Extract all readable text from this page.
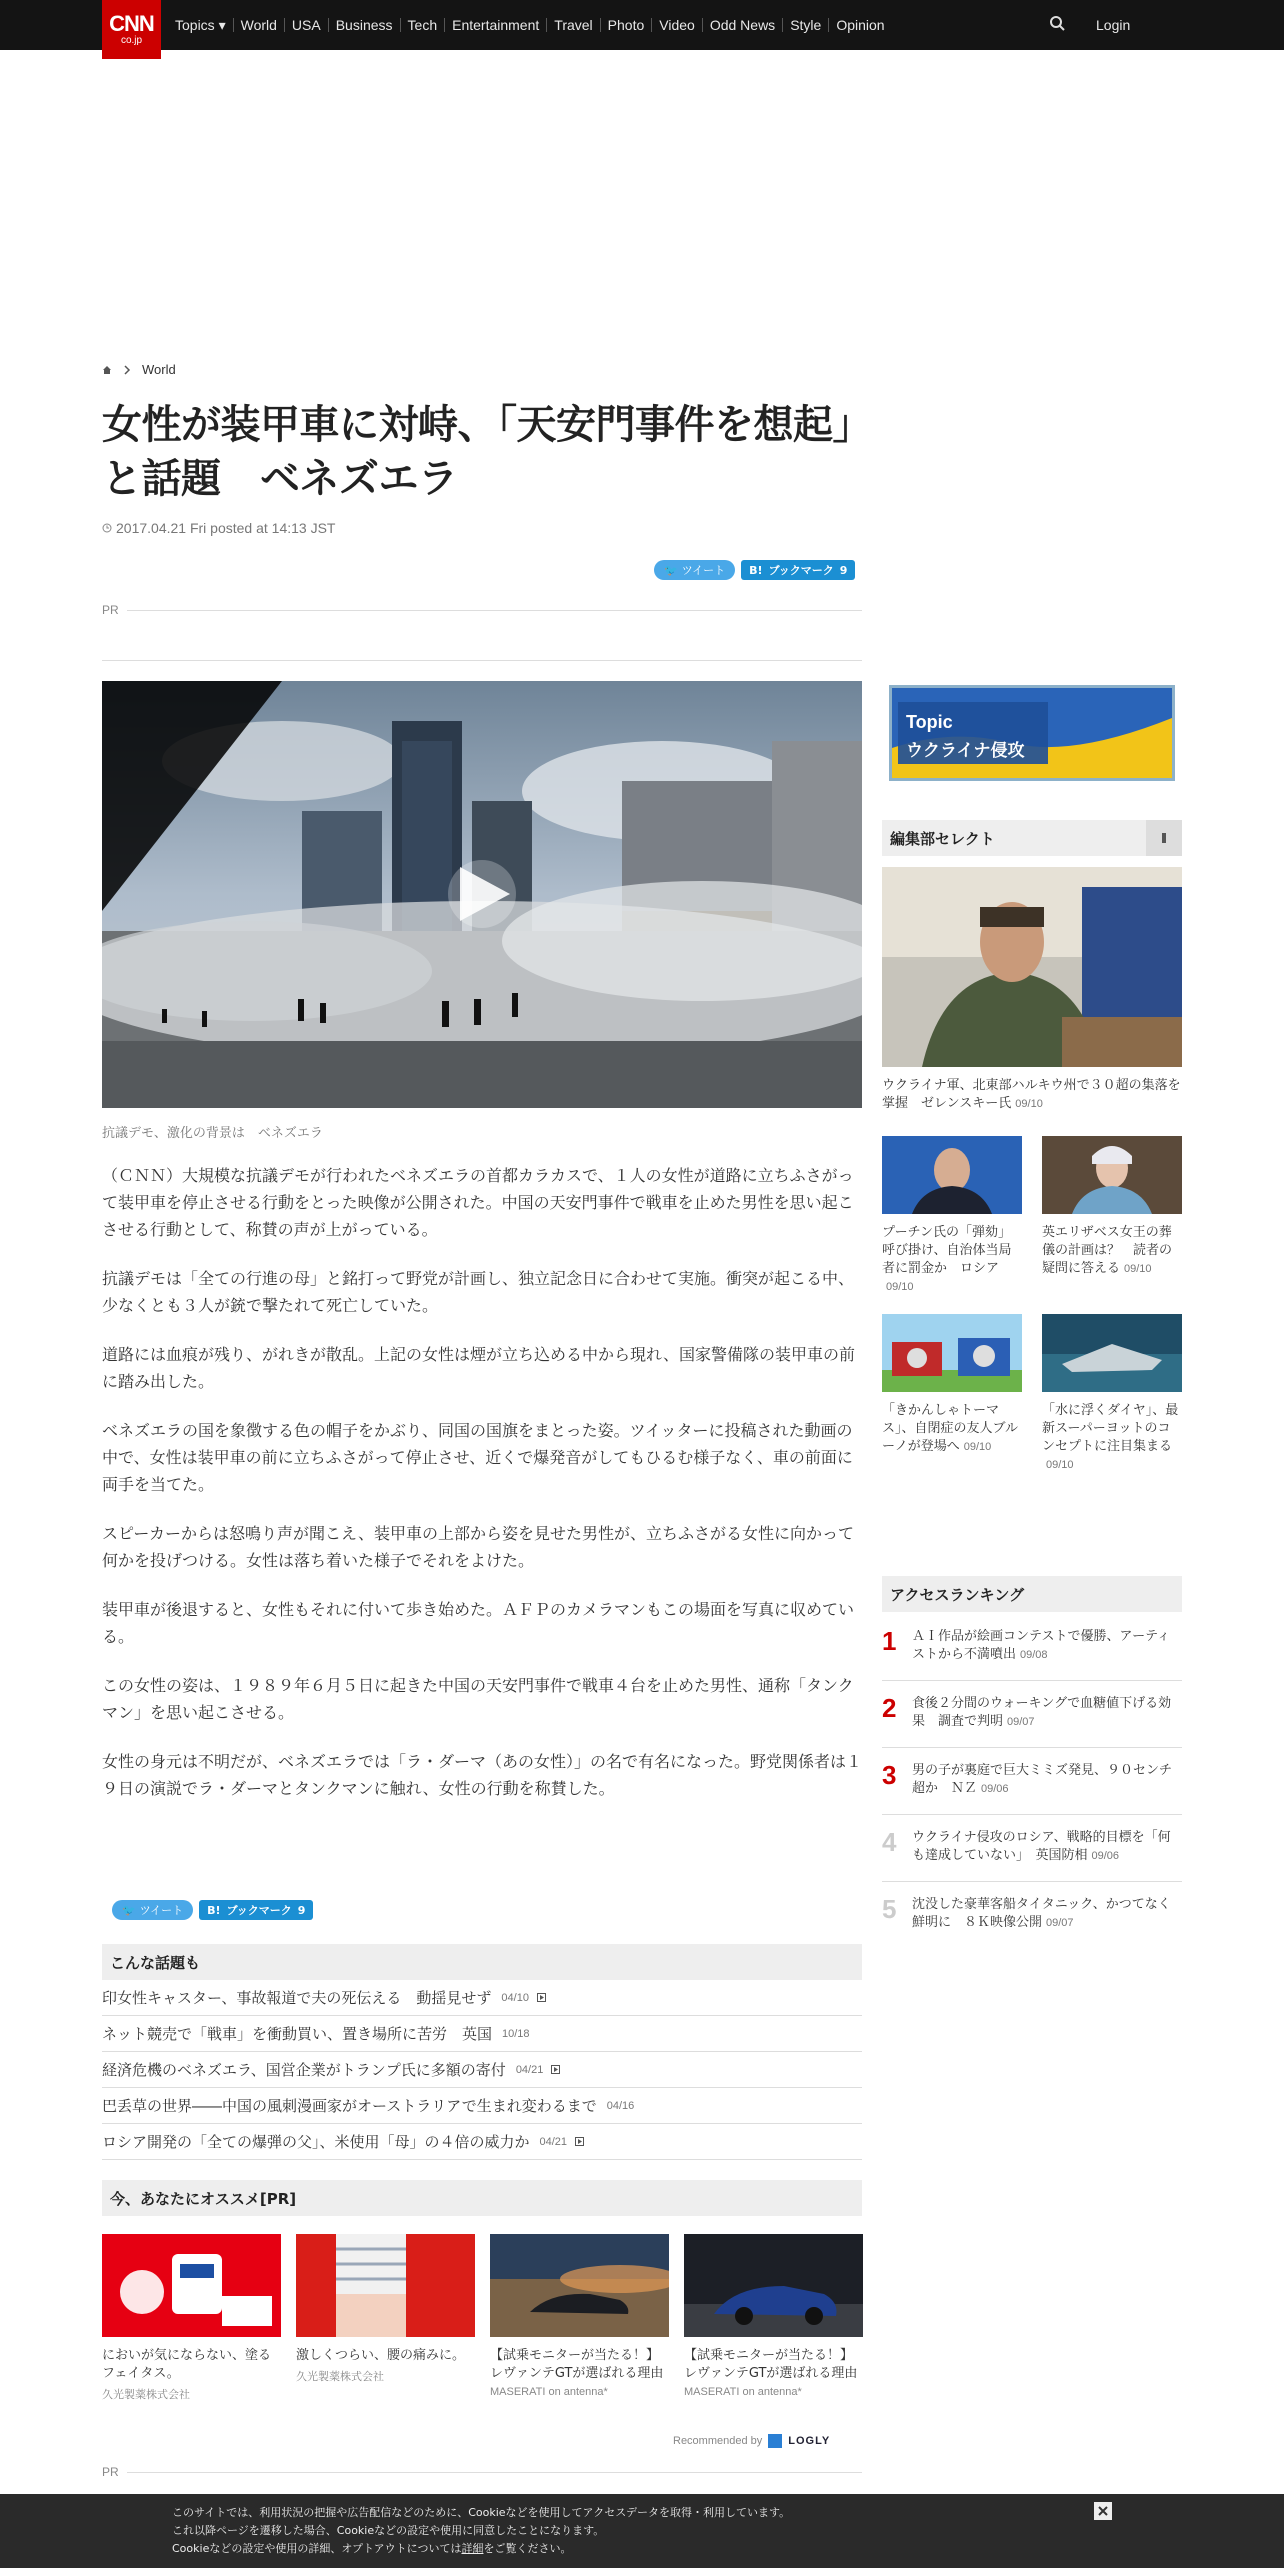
CNN
co.jp
Topics ▾	World	USA	Business	Tech	Entertainment	Travel	Photo	Video	Odd News	Style	Opinion	Login
World
女性が装甲車に対峙、「天安門事件を想起」と話題　ベネズエラ
2017.04.21 Fri posted at 14:13 JST
🐦 ツイート B! ブックマーク 9
PR
抗議デモ、激化の背景は　ベネズエラ

（ＣＮＮ）大規模な抗議デモが行われたベネズエラの首都カラカスで、１人の女性が道路に立ちふさがって装甲車を停止させる行動をとった映像が公開された。中国の天安門事件で戦車を止めた男性を思い起こさせる行動として、称賛の声が上がっている。

抗議デモは「全ての行進の母」と銘打って野党が計画し、独立記念日に合わせて実施。衝突が起こる中、少なくとも３人が銃で撃たれて死亡していた。

道路には血痕が残り、がれきが散乱。上記の女性は煙が立ち込める中から現れ、国家警備隊の装甲車の前に踏み出した。

ベネズエラの国を象徴する色の帽子をかぶり、同国の国旗をまとった姿。ツイッターに投稿された動画の中で、女性は装甲車の前に立ちふさがって停止させ、近くで爆発音がしてもひるむ様子なく、車の前面に両手を当てた。

スピーカーからは怒鳴り声が聞こえ、装甲車の上部から姿を見せた男性が、立ちふさがる女性に向かって何かを投げつける。女性は落ち着いた様子でそれをよけた。

装甲車が後退すると、女性もそれに付いて歩き始めた。ＡＦＰのカメラマンもこの場面を写真に収めている。

この女性の姿は、１９８９年６月５日に起きた中国の天安門事件で戦車４台を止めた男性、通称「タンクマン」を思い起こさせる。

女性の身元は不明だが、ベネズエラでは「ラ・ダーマ（あの女性）」の名で有名になった。野党関係者は１９日の演説でラ・ダーマとタンクマンに触れ、女性の行動を称賛した。

🐦 ツイート B! ブックマーク 9
こんな話題も
印女性キャスター、事故報道で夫の死伝える　動揺見せず 04/10
ネット競売で「戦車」を衝動買い、置き場所に苦労　英国 10/18
経済危機のベネズエラ、国営企業がトランプ氏に多額の寄付 04/21
巴丢草の世界――中国の風刺漫画家がオーストラリアで生まれ変わるまで 04/16
ロシア開発の「全ての爆弾の父」、米使用「母」の４倍の威力か 04/21
今、あなたにオススメ[PR]
においが気にならない、塗るフェイタス。
久光製薬株式会社
激しくつらい、腰の痛みに。
久光製薬株式会社
【試乗モニターが当たる！】レヴァンテGTが選ばれる理由
MASERATI on antenna*
【試乗モニターが当たる！】レヴァンテGTが選ばれる理由
MASERATI on antenna*
Recommended by LOGLY
PR
Topic
ウクライナ侵攻
編集部セレクト
ウクライナ軍、北東部ハルキウ州で３０超の集落を掌握　ゼレンスキー氏 09/10
プーチン氏の「弾劾」呼び掛け、自治体当局者に罰金か　ロシア09/10
英エリザベス女王の葬儀の計画は？　読者の疑問に答える 09/10
「きかんしゃトーマス」、自閉症の友人ブルーノが登場へ 09/10
「水に浮くダイヤ」、最新スーパーヨットのコンセプトに注目集まる09/10
アクセスランキング
1	ＡＩ作品が絵画コンテストで優勝、アーティストから不満噴出 09/08
2	食後２分間のウォーキングで血糖値下げる効果　調査で判明 09/07
3	男の子が裏庭で巨大ミミズ発見、９０センチ超か　ＮＺ 09/06
4	ウクライナ侵攻のロシア、戦略的目標を「何も達成していない」　英国防相 09/06
5	沈没した豪華客船タイタニック、かつてなく鮮明に　８Ｋ映像公開 09/07
このサイトでは、利用状況の把握や広告配信などのために、Cookieなどを使用してアクセスデータを取得・利用しています。
これ以降ページを遷移した場合、Cookieなどの設定や使用に同意したことになります。
Cookieなどの設定や使用の詳細、オプトアウトについては詳細をご覧ください。
